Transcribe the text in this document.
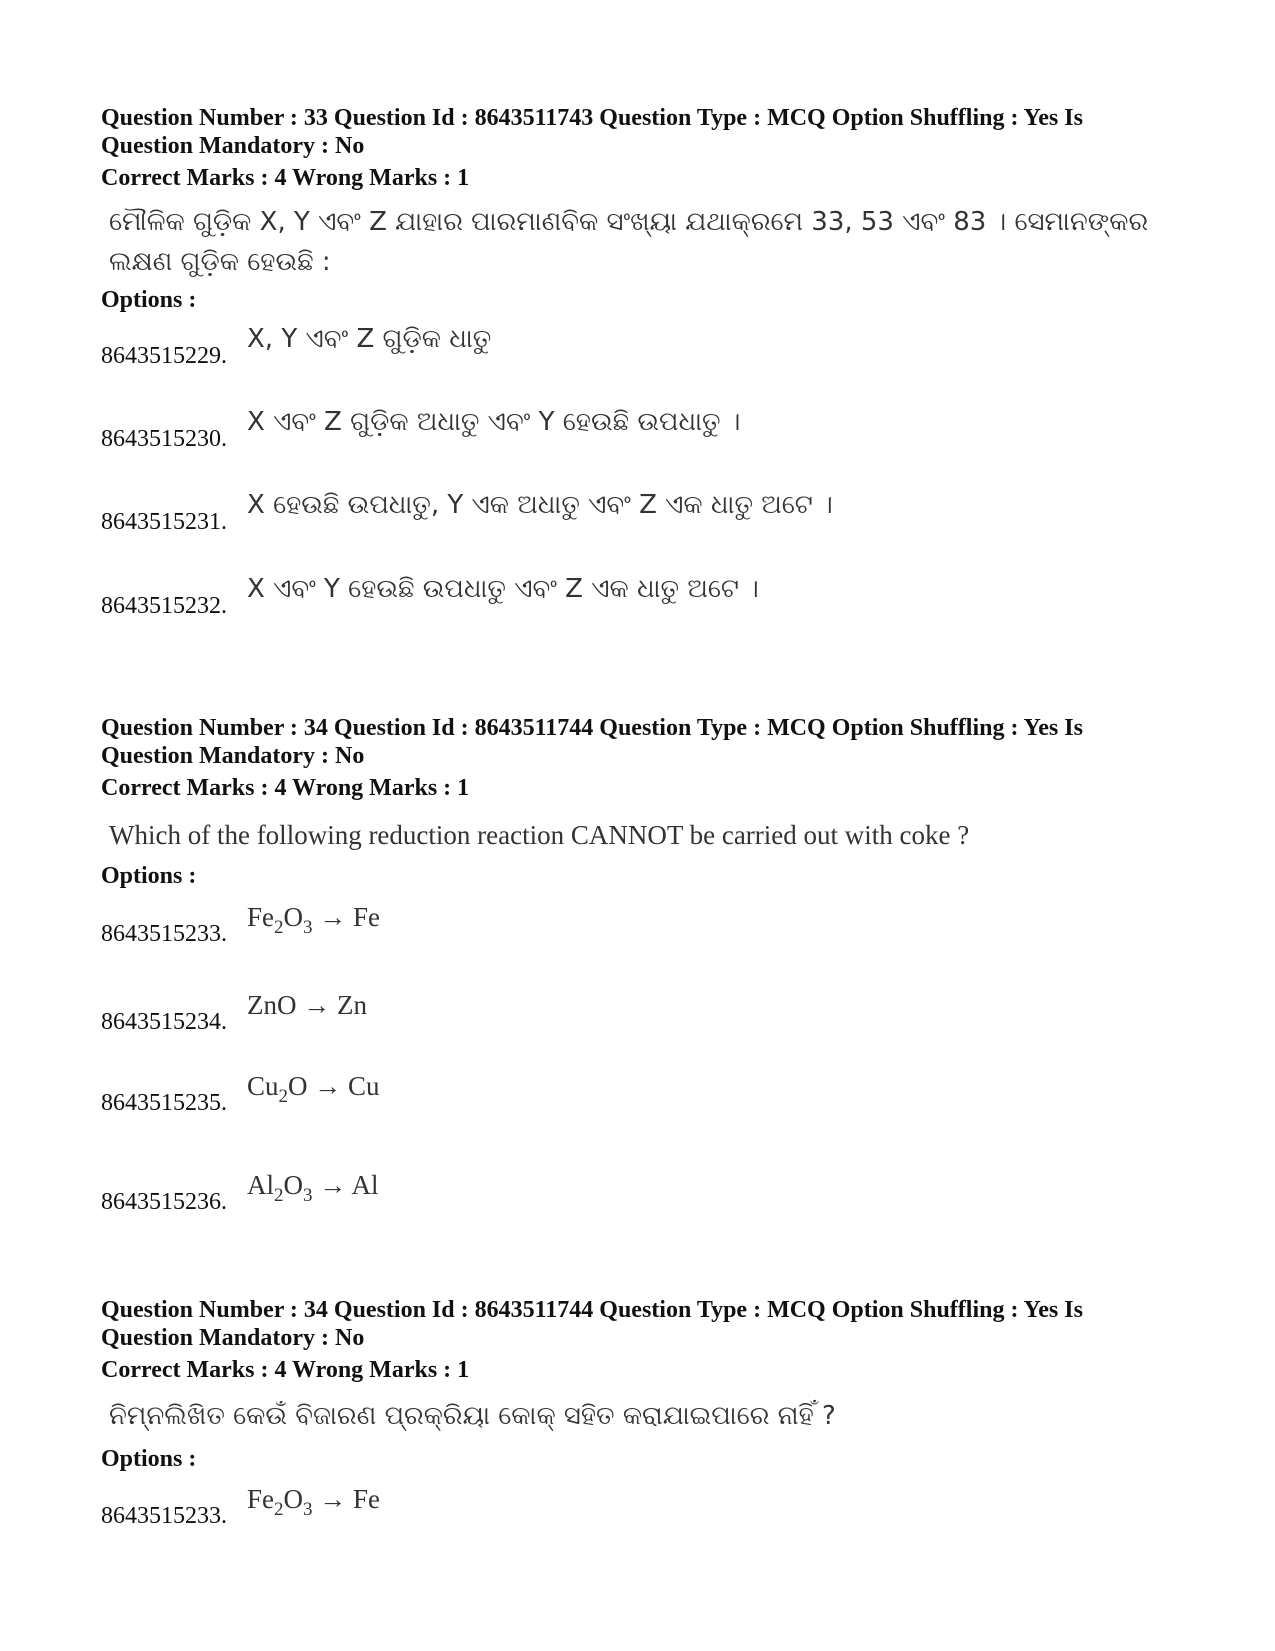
Question Number : 33 Question Id : 8643511743 Question Type : MCQ Option Shuffling : Yes Is
Question Mandatory : No
Correct Marks : 4 Wrong Marks : 1
ମୌଳିକ ଗୁଡ଼ିକ X, Y ଏବଂ Z ଯାହାର ପାରମାଣବିକ ସଂଖ୍ୟା ଯଥାକ୍ରମେ 33, 53 ଏବଂ 83 । ସେମାନଙ୍କର ଲକ୍ଷଣ ଗୁଡ଼ିକ ହେଉଛି :
Options :
8643515229.
X, Y ଏବଂ Z ଗୁଡ଼ିକ ଧାତୁ
8643515230.
X ଏବଂ Z ଗୁଡ଼ିକ ଅଧାତୁ ଏବଂ Y ହେଉଛି ଉପଧାତୁ ।
8643515231.
X ହେଉଛି ଉପଧାତୁ, Y ଏକ ଅଧାତୁ ଏବଂ Z ଏକ ଧାତୁ ଅଟେ ।
8643515232.
X ଏବଂ Y ହେଉଛି ଉପଧାତୁ ଏବଂ Z ଏକ ଧାତୁ ଅଟେ ।
Question Number : 34 Question Id : 8643511744 Question Type : MCQ Option Shuffling : Yes Is
Question Mandatory : No
Correct Marks : 4 Wrong Marks : 1
Which of the following reduction reaction CANNOT be carried out with coke ?
Options :
8643515233.
$Fe_2O_3 \to Fe$
8643515234.
ZnO → Zn
8643515235.
$Cu_2O \to Cu$
8643515236.
$Al_2O_3 \to Al$
Question Number : 34 Question Id : 8643511744 Question Type : MCQ Option Shuffling : Yes Is
Question Mandatory : No
Correct Marks : 4 Wrong Marks : 1
ନିମ୍ନଲିଖିତ କେଉଁ ବିଜାରଣ ପ୍ରକ୍ରିୟା କୋକ୍ ସହିତ କରାଯାଇପାରେ ନାହିଁ ?
Options :
8643515233.
$Fe_2O_3 \to Fe$
